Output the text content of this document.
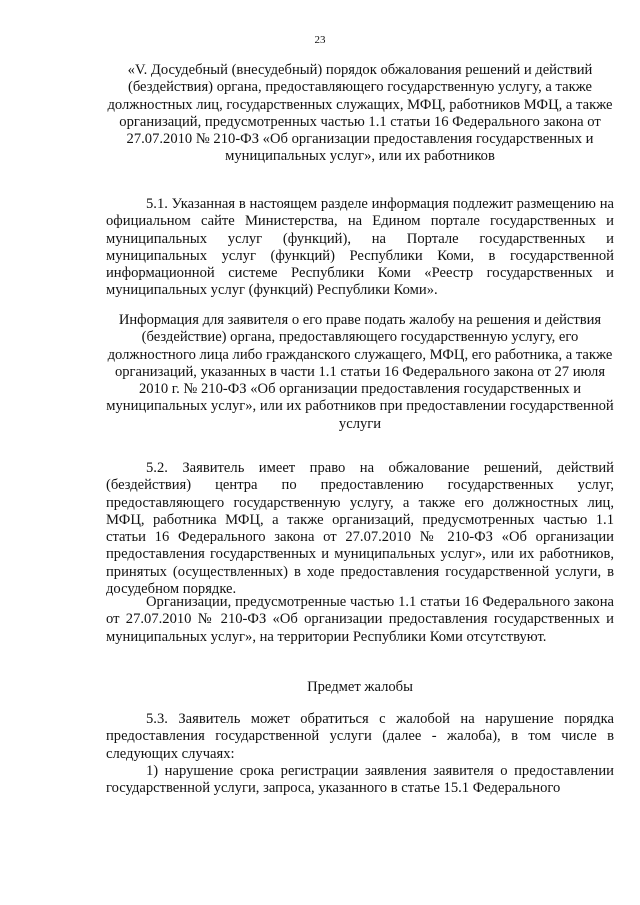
23

«V. Досудебный (внесудебный) порядок обжалования решений и действий (бездействия) органа, предоставляющего государственную услугу, а также должностных лиц, государственных служащих, МФЦ, работников МФЦ, а также организаций, предусмотренных частью 1.1 статьи 16 Федерального закона от 27.07.2010 № 210-ФЗ «Об организации предоставления государственных и муниципальных услуг», или их работников

5.1. Указанная в настоящем разделе информация подлежит размещению на официальном сайте Министерства, на Едином портале государственных и муниципальных услуг (функций), на Портале государственных и муниципальных услуг (функций) Республики Коми, в государственной информационной системе Республики Коми «Реестр государственных и муниципальных услуг (функций) Республики Коми».

Информация для заявителя о его праве подать жалобу на решения и действия (бездействие) органа, предоставляющего государственную услугу, его должностного лица либо гражданского служащего, МФЦ, его работника, а также организаций, указанных в части 1.1 статьи 16 Федерального закона от 27 июля 2010 г. № 210-ФЗ «Об организации предоставления государственных и муниципальных услуг», или их работников при предоставлении государственной услуги

5.2. Заявитель имеет право на обжалование решений, действий (бездействия) центра по предоставлению государственных услуг, предоставляющего государственную услугу, а также его должностных лиц, МФЦ, работника МФЦ, а также организаций, предусмотренных частью 1.1 статьи 16 Федерального закона от 27.07.2010 № 210-ФЗ «Об организации предоставления государственных и муниципальных услуг», или их работников, принятых (осуществленных) в ходе предоставления государственной услуги, в досудебном порядке.

Организации, предусмотренные частью 1.1 статьи 16 Федерального закона от 27.07.2010 № 210-ФЗ «Об организации предоставления государственных и муниципальных услуг», на территории Республики Коми отсутствуют.

Предмет жалобы

5.3. Заявитель может обратиться с жалобой на нарушение порядка предоставления государственной услуги (далее - жалоба), в том числе в следующих случаях:

1) нарушение срока регистрации заявления заявителя о предоставлении государственной услуги, запроса, указанного в статье 15.1 Федерального
